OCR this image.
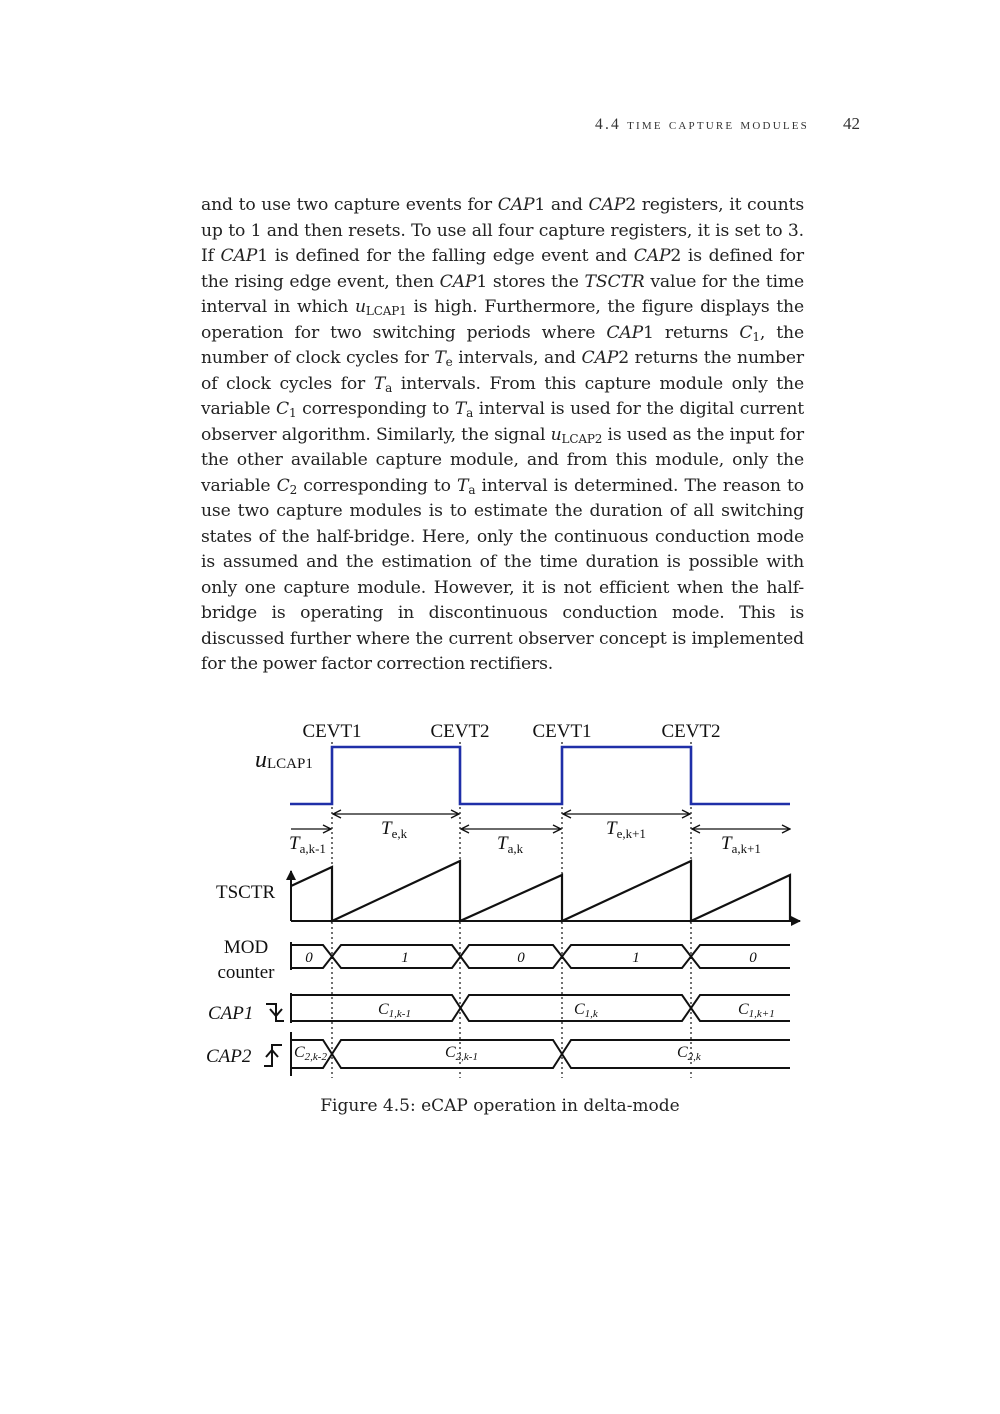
4.4 time capture modules 42

and to use two capture events for CAP1 and CAP2 registers, it counts up to 1 and then resets. To use all four capture registers, it is set to 3. If CAP1 is defined for the falling edge event and CAP2 is defined for the rising edge event, then CAP1 stores the TSCTR value for the time interval in which $u_{LCAP1}$ is high. Furthermore, the figure displays the operation for two switching periods where CAP1 returns $C_1$, the number of clock cycles for $T_e$ intervals, and CAP2 returns the number of clock cycles for $T_a$ intervals. From this capture module only the variable $C_1$ corresponding to $T_a$ interval is used for the digital current observer algorithm. Similarly, the signal $u_{LCAP2}$ is used as the input for the other available capture module, and from this module, only the variable $C_2$ corresponding to $T_a$ interval is determined. The reason to use two capture modules is to estimate the duration of all switching states of the half-bridge. Here, only the continuous conduction mode is assumed and the estimation of the time duration is possible with only one capture module. However, it is not efficient when the half-bridge is operating in discontinuous conduction mode. This is discussed further where the current observer concept is implemented for the power factor correction rectifiers.

CEVT1	CEVT2 CEVT1	CEVT2
uLCAP1
$T_{a,k-1}$
$T_{e,k}$	$T_{a,k}$
$T_{e,k+1}$	$T_{a,k+1}$
TSCTR
MOD
counter
0	1	0	1	0
CAP1	C1,k-1	C1,k	C1,k+1
CAP2	C2,k-2	C2,k-1	C2,k
Figure 4.5: eCAP operation in delta-mode
